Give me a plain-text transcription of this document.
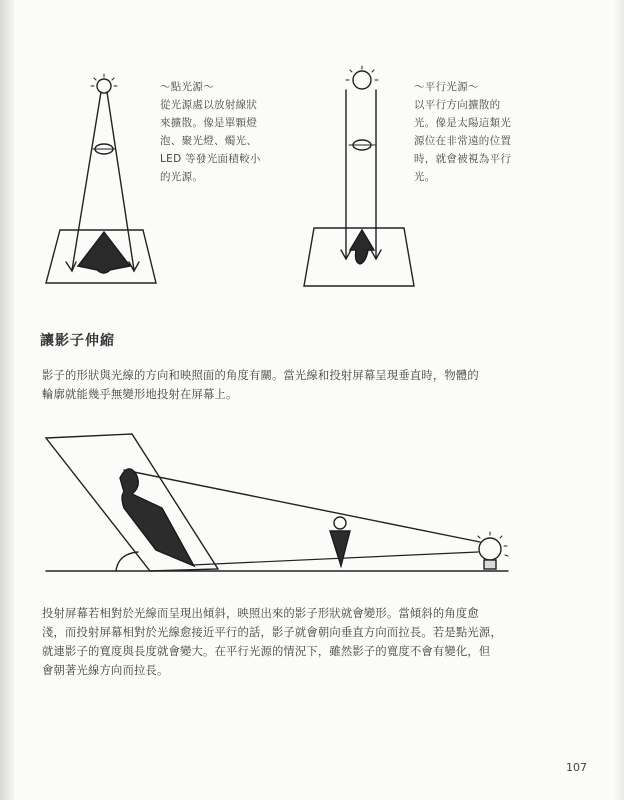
～點光源～
從光源處以放射線狀
來擴散。像是單顆燈
泡、聚光燈、燭光、
LED 等發光面積較小
的光源。
～平行光源～
以平行方向擴散的
光。像是太陽這類光
源位在非常遠的位置
時，就會被視為平行
光。
讓影子伸縮
影子的形狀與光線的方向和映照面的角度有關。當光線和投射屏幕呈現垂直時，物體的
輪廓就能幾乎無變形地投射在屏幕上。
投射屏幕若相對於光線而呈現出傾斜，映照出來的影子形狀就會變形。當傾斜的角度愈
淺，而投射屏幕相對於光線愈接近平行的話，影子就會朝向垂直方向而拉長。若是點光源，
就連影子的寬度與長度就會變大。在平行光源的情況下，雖然影子的寬度不會有變化，但
會朝著光線方向而拉長。
107
